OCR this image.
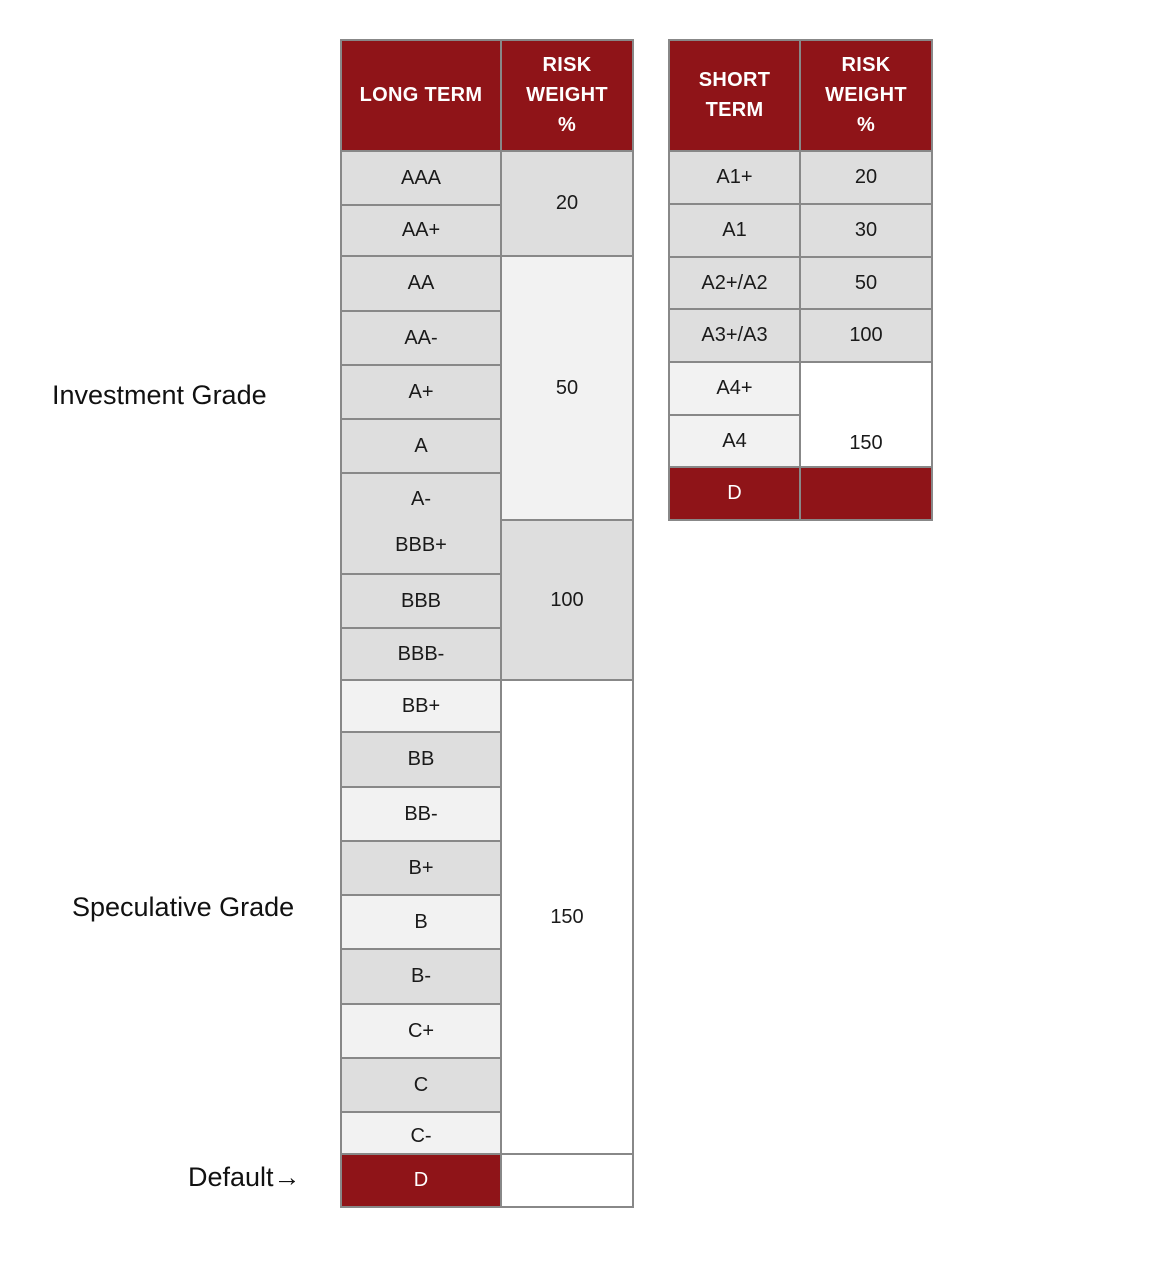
Investment Grade
Speculative Grade
Default→
LONG TERM
RISK
WEIGHT
%
AAA
AA+
AA
AA-
A+
A
A-
BBB+
BBB
BBB-
BB+
BB
BB-
B+
B
B-
C+
C
C-
D
20
50
100
150
SHORT
TERM
RISK
WEIGHT
%
A1+
A1
A2+/A2
A3+/A3
A4+
A4
D
20
30
50
100
150
